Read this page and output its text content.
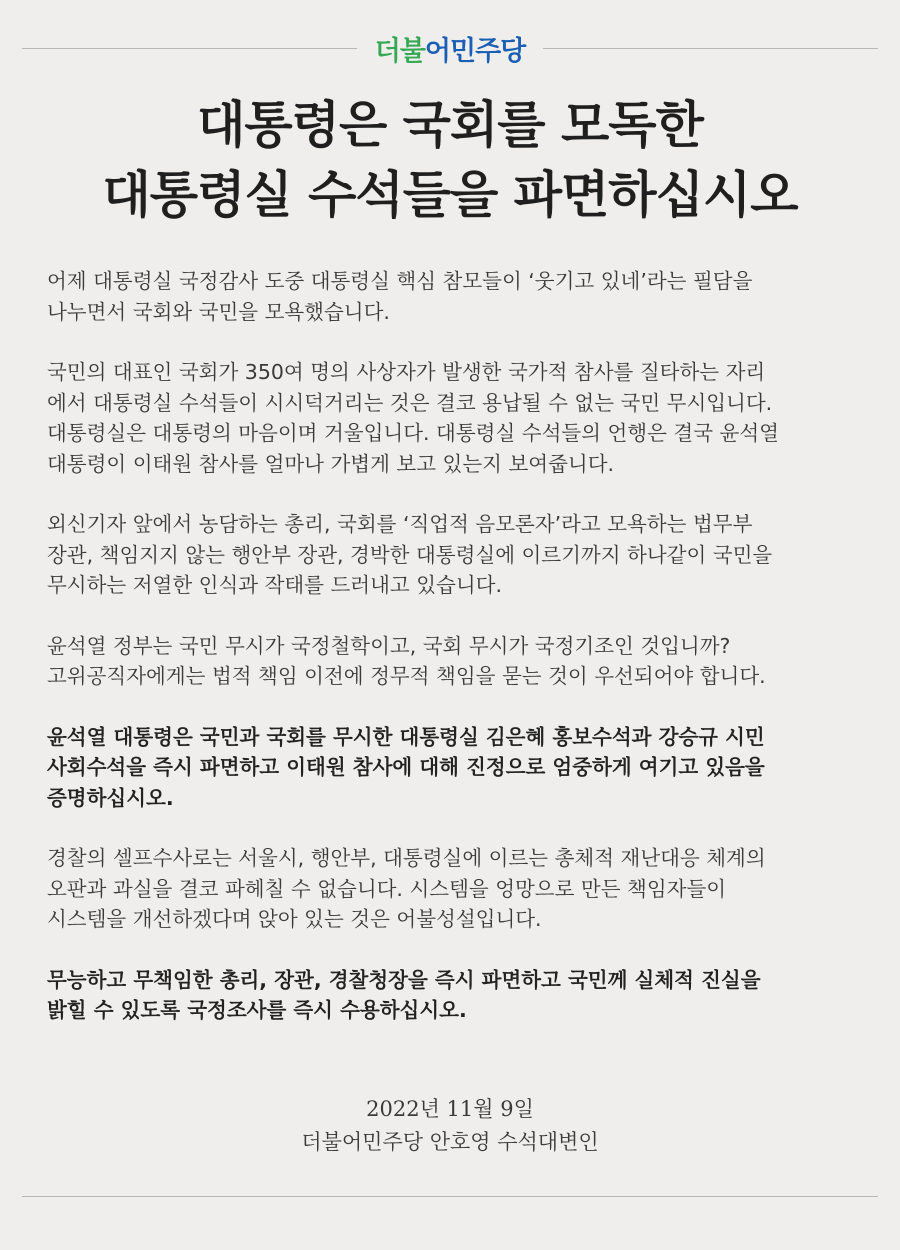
더불어민주당
대통령은 국회를 모독한
대통령실 수석들을 파면하십시오
어제 대통령실 국정감사 도중 대통령실 핵심 참모들이 ‘웃기고 있네’라는 필담을
나누면서 국회와 국민을 모욕했습니다.
국민의 대표인 국회가 350여 명의 사상자가 발생한 국가적 참사를 질타하는 자리
에서 대통령실 수석들이 시시덕거리는 것은 결코 용납될 수 없는 국민 무시입니다.
대통령실은 대통령의 마음이며 거울입니다. 대통령실 수석들의 언행은 결국 윤석열
대통령이 이태원 참사를 얼마나 가볍게 보고 있는지 보여줍니다.
외신기자 앞에서 농담하는 총리, 국회를 ‘직업적 음모론자’라고 모욕하는 법무부
장관, 책임지지 않는 행안부 장관, 경박한 대통령실에 이르기까지 하나같이 국민을
무시하는 저열한 인식과 작태를 드러내고 있습니다.
윤석열 정부는 국민 무시가 국정철학이고, 국회 무시가 국정기조인 것입니까?
고위공직자에게는 법적 책임 이전에 정무적 책임을 묻는 것이 우선되어야 합니다.
윤석열 대통령은 국민과 국회를 무시한 대통령실 김은혜 홍보수석과 강승규 시민
사회수석을 즉시 파면하고 이태원 참사에 대해 진정으로 엄중하게 여기고 있음을
증명하십시오.
경찰의 셀프수사로는 서울시, 행안부, 대통령실에 이르는 총체적 재난대응 체계의
오판과 과실을 결코 파헤칠 수 없습니다. 시스템을 엉망으로 만든 책임자들이
시스템을 개선하겠다며 앉아 있는 것은 어불성설입니다.
무능하고 무책임한 총리, 장관, 경찰청장을 즉시 파면하고 국민께 실체적 진실을
밝힐 수 있도록 국정조사를 즉시 수용하십시오.
2022년 11월 9일
더불어민주당 안호영 수석대변인
